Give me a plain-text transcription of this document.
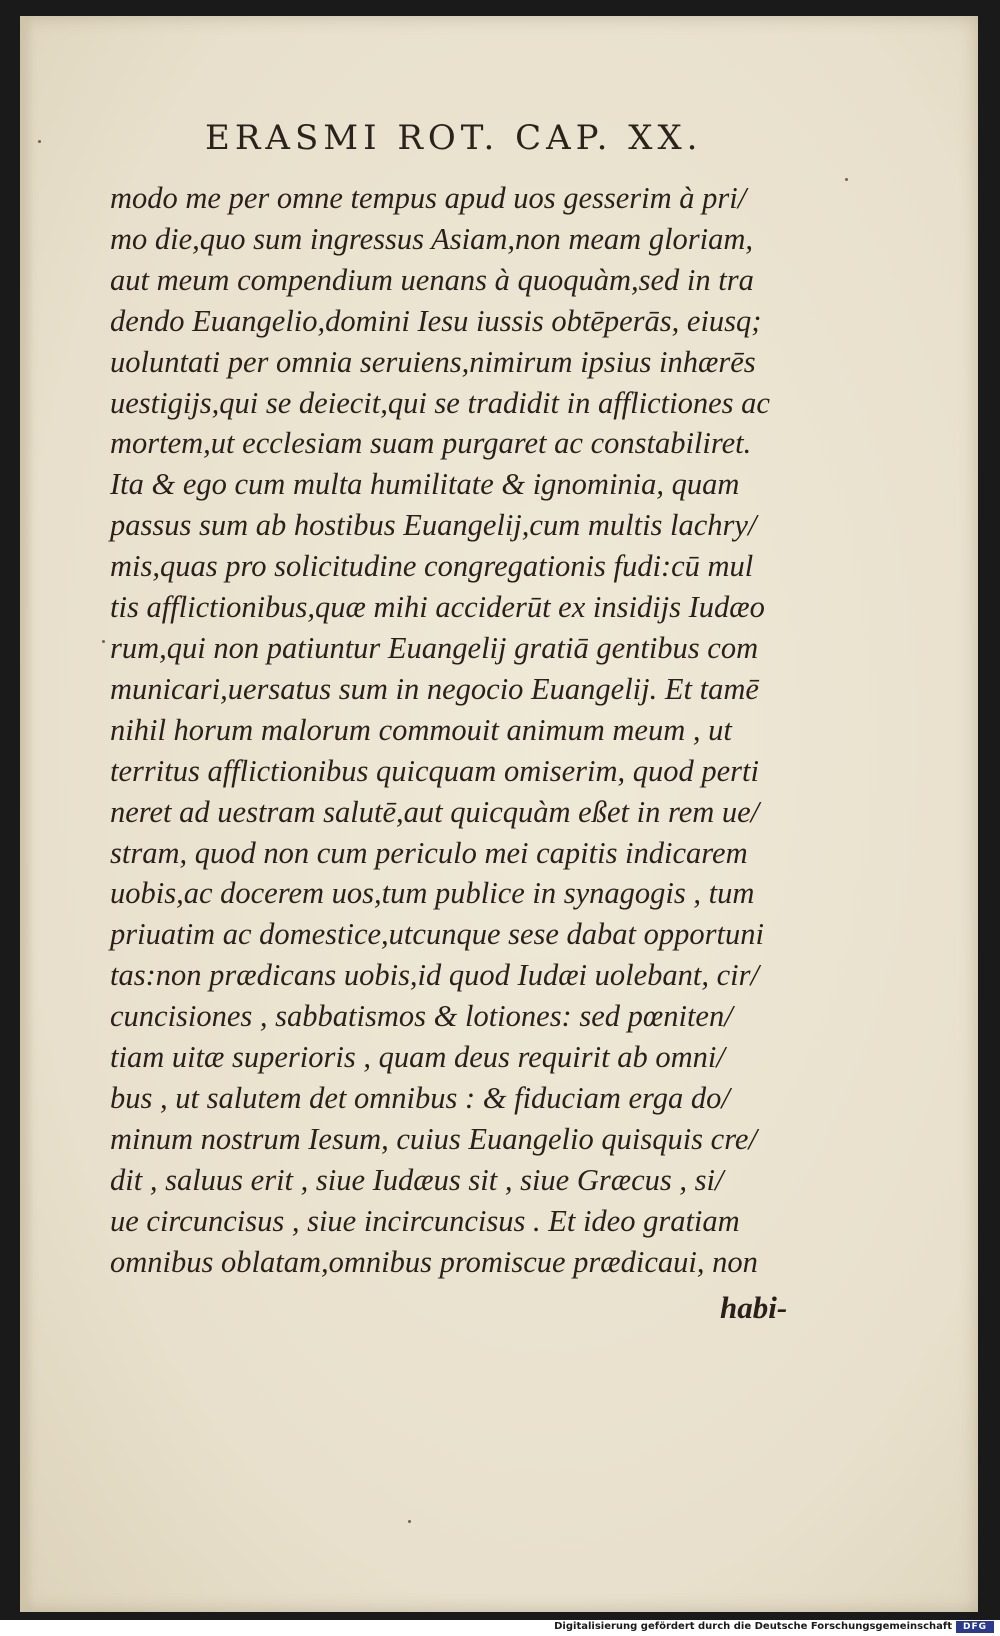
ERASMI ROT. CAP. XX.
modo me per omne tempus apud uos gesserim à pri/
mo die,quo sum ingressus Asiam,non meam gloriam,
aut meum compendium uenans à quoquàm,sed in tra
dendo Euangelio,domini Iesu iussis obtēperās, eiusq;
uoluntati per omnia seruiens,nimirum ipsius inhærēs
uestigijs,qui se deiecit,qui se tradidit in afflictiones ac
mortem,ut ecclesiam suam purgaret ac constabiliret.
Ita & ego cum multa humilitate & ignominia, quam
passus sum ab hostibus Euangelij,cum multis lachry/
mis,quas pro solicitudine congregationis fudi:cū mul
tis afflictionibus,quæ mihi acciderūt ex insidijs Iudæo
rum,qui non patiuntur Euangelij gratiā gentibus com
municari,uersatus sum in negocio Euangelij. Et tamē
nihil horum malorum commouit animum meum , ut
territus afflictionibus quicquam omiserim, quod perti
neret ad uestram salutē,aut quicquàm eßet in rem ue/
stram, quod non cum periculo mei capitis indicarem
uobis,ac docerem uos,tum publice in synagogis , tum
priuatim ac domestice,utcunque sese dabat opportuni
tas:non prædicans uobis,id quod Iudæi uolebant, cir/
cuncisiones , sabbatismos & lotiones: sed pœniten/
tiam uitæ superioris , quam deus requirit ab omni/
bus , ut salutem det omnibus : & fiduciam erga do/
minum nostrum Iesum, cuius Euangelio quisquis cre/
dit , saluus erit , siue Iudæus sit , siue Græcus , si/
ue circuncisus , siue incircuncisus . Et ideo gratiam
omnibus oblatam,omnibus promiscue prædicaui, non
habi-
Digitalisierung gefördert durch die Deutsche Forschungsgemeinschaft	DFG
